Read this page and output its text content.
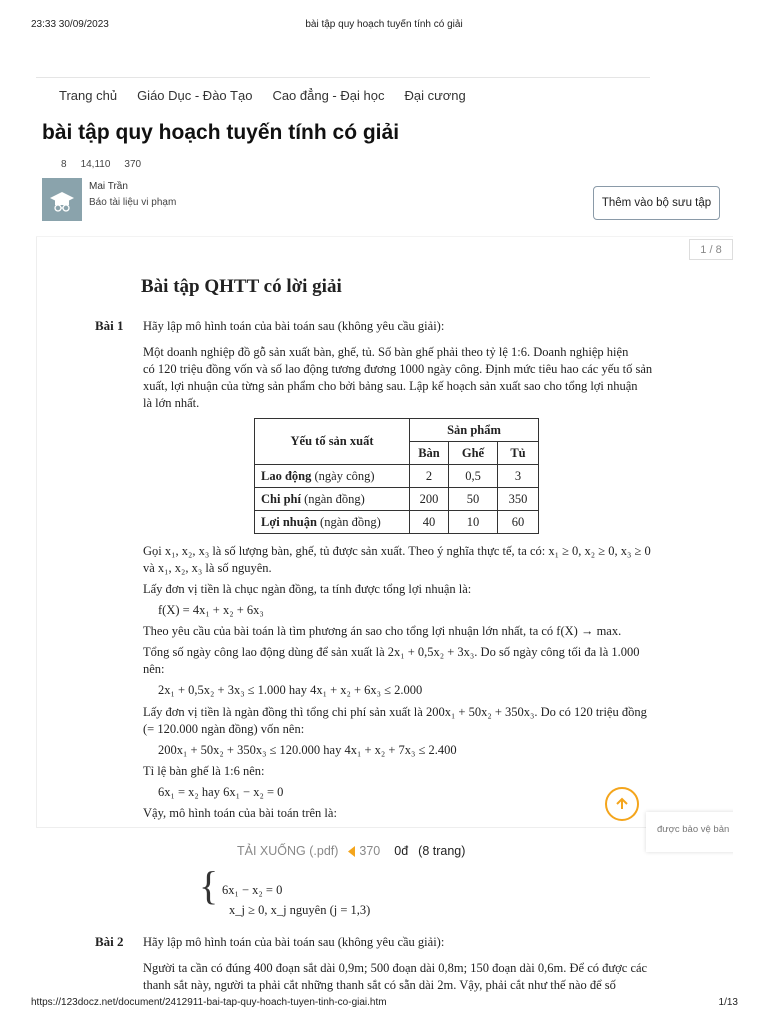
23:33 30/09/2023	bài tập quy hoạch tuyến tính có giải
Trang chủ Giáo Dục - Đào Tạo Cao đẳng - Đại học Đại cương
bài tập quy hoạch tuyến tính có giải
8 14,110 370
Mai Trần
Báo tài liệu vi phạm	Thêm vào bộ sưu tập
1 / 8
Bài tập QHTT có lời giải
Bài 1 Hãy lập mô hình toán của bài toán sau (không yêu cầu giải):
Một doanh nghiệp đồ gỗ sản xuất bàn, ghế, tủ. Số bàn ghế phải theo tỷ lệ 1:6. Doanh nghiệp hiện
có 120 triệu đồng vốn và số lao động tương đương 1000 ngày công. Định mức tiêu hao các yếu tố sản
xuất, lợi nhuận của từng sản phẩm cho bởi bảng sau. Lập kế hoạch sản xuất sao cho tổng lợi nhuận
là lớn nhất.
Yếu tố sản xuất	Sản phẩm		
	Bàn	Ghế	Tủ
Lao động (ngày công)	2	0,5	3
Chi phí (ngàn đồng)	200	50	350
Lợi nhuận (ngàn đồng)	40	10	60
Gọi x₁, x₂, x₃ là số lượng bàn, ghế, tủ được sản xuất. Theo ý nghĩa thực tế, ta có: x₁ ≥ 0, x₂ ≥ 0, x₃ ≥ 0
và x₁, x₂, x₃ là số nguyên.
Lấy đơn vị tiền là chục ngàn đồng, ta tính được tổng lợi nhuận là:
f(X) = 4x₁ + x₂ + 6x₃
Theo yêu cầu của bài toán là tìm phương án sao cho tổng lợi nhuận lớn nhất, ta có f(X) → max.
Tổng số ngày công lao động dùng để sản xuất là 2x₁ + 0,5x₂ + 3x₃. Do số ngày công tối đa là 1.000
nên:
2x₁ + 0,5x₂ + 3x₃ ≤ 1.000 hay 4x₁ + x₂ + 6x₃ ≤ 2.000
Lấy đơn vị tiền là ngàn đồng thì tổng chi phí sản xuất là 200x₁ + 50x₂ + 350x₃. Do có 120 triệu đồng
(= 120.000 ngàn đồng) vốn nên:
200x₁ + 50x₂ + 350x₃ ≤ 120.000 hay 4x₁ + x₂ + 7x₃ ≤ 2.400
Tỉ lệ bàn ghế là 1:6 nên:
6x₁ = x₂ hay 6x₁ − x₂ = 0
Vậy, mô hình toán của bài toán trên là:
TẢI XUỐNG (.pdf) 370 0đ (8 trang)
được bảo vệ bản
{ 6x₁ − x₂ = 0
x_j ≥ 0, x_j nguyên (j = 1,3)
Bài 2 Hãy lập mô hình toán của bài toán sau (không yêu cầu giải):
Người ta cần có đúng 400 đoạn sắt dài 0,9m; 500 đoạn dài 0,8m; 150 đoạn dài 0,6m. Để có được các
thanh sắt này, người ta phải cắt những thanh sắt có sẵn dài 2m. Vậy, phải cắt như thế nào để số
https://123docz.net/document/2412911-bai-tap-quy-hoach-tuyen-tinh-co-giai.htm	1/13
